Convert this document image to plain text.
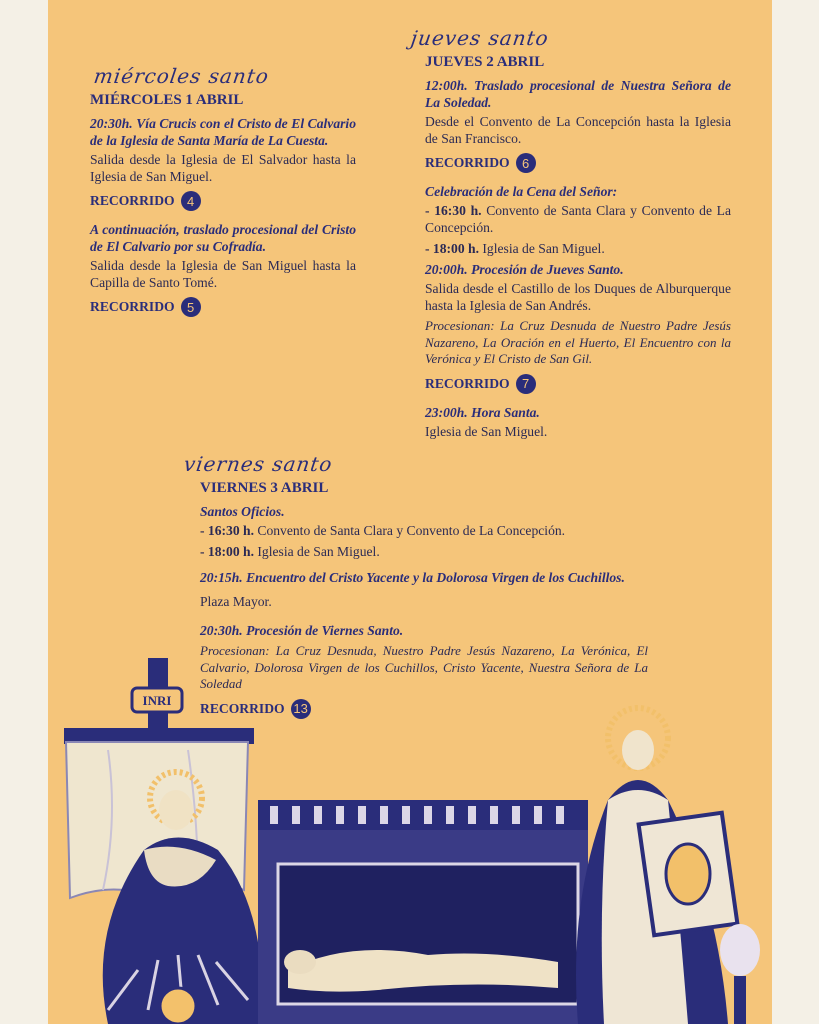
miércoles santo
MIÉRCOLES 1 ABRIL

20:30h. Vía Crucis con el Cristo de El Calvario de la Iglesia de Santa María de La Cuesta.

Salida desde la Iglesia de El Salvador hasta la Iglesia de San Miguel.

RECORRIDO 4

A continuación, traslado procesional del Cristo de El Calvario por su Cofradía.

Salida desde la Iglesia de San Miguel hasta la Capilla de Santo Tomé.

RECORRIDO 5
jueves santo
JUEVES 2 ABRIL

12:00h. Traslado procesional de Nuestra Señora de La Soledad.

Desde el Convento de La Concepción hasta la Iglesia de San Francisco.

RECORRIDO 6

Celebración de la Cena del Señor:

- 16:30 h. Convento de Santa Clara y Convento de La Concepción.

- 18:00 h. Iglesia de San Miguel.

20:00h. Procesión de Jueves Santo.

Salida desde el Castillo de los Duques de Alburquerque hasta la Iglesia de San Andrés.

Procesionan: La Cruz Desnuda de Nuestro Padre Jesús Nazareno, La Oración en el Huerto, El Encuentro con la Verónica y El Cristo de San Gil.

RECORRIDO 7

23:00h. Hora Santa.

Iglesia de San Miguel.

viernes santo
VIERNES 3 ABRIL

Santos Oficios.

- 16:30 h. Convento de Santa Clara y Convento de La Concepción.

- 18:00 h. Iglesia de San Miguel.

20:15h. Encuentro del Cristo Yacente y la Dolorosa Virgen de los Cuchillos.  Plaza Mayor.

20:30h. Procesión de Viernes Santo.

Procesionan: La Cruz Desnuda, Nuestro Padre Jesús Nazareno, La Verónica, El Calvario, Dolorosa Virgen de los Cuchillos, Cristo Yacente, Nuestra Señora de La Soledad

RECORRIDO 13
INRI
